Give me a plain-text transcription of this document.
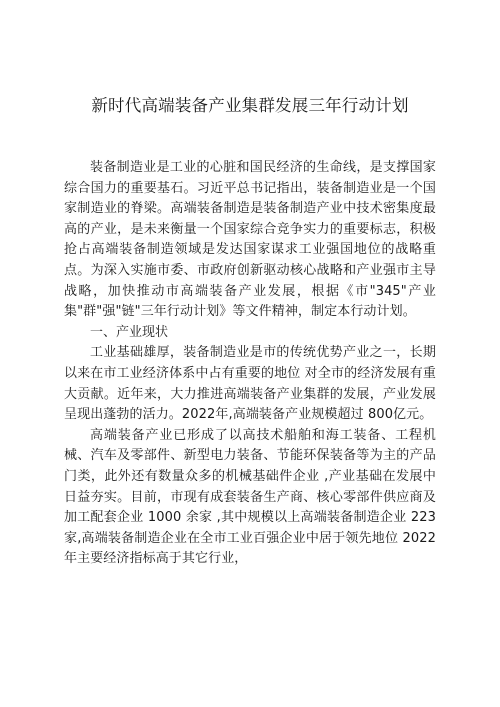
新时代高端装备产业集群发展三年行动计划

装备制造业是工业的心脏和国民经济的生命线，是支撑国家综合国力的重要基石。习近平总书记指出，装备制造业是一个国家制造业的脊梁。高端装备制造是装备制造产业中技术密集度最高的产业，是未来衡量一个国家综合竞争实力的重要标志，积极抢占高端装备制造领域是发达国家谋求工业强国地位的战略重点。为深入实施市委、市政府创新驱动核心战略和产业强市主导战略，加快推动市高端装备产业发展，根据《市"345"产业集"群"强"链"三年行动计划》等文件精神，制定本行动计划。

一、产业现状

工业基础雄厚，装备制造业是市的传统优势产业之一，长期以来在市工业经济体系中占有重要的地位 对全市的经济发展有重大贡献。近年来，大力推进高端装备产业集群的发展，产业发展呈现出蓬勃的活力。2022年,高端装备产业规模超过 800亿元。

高端装备产业已形成了以高技术船舶和海工装备、工程机械、汽车及零部件、新型电力装备、节能环保装备等为主的产品门类，此外还有数量众多的机械基础件企业 ,产业基础在发展中日益夯实。目前，市现有成套装备生产商、核心零部件供应商及加工配套企业 1000 余家 ,其中规模以上高端装备制造企业 223 家,高端装备制造企业在全市工业百强企业中居于领先地位 2022 年主要经济指标高于其它行业，
